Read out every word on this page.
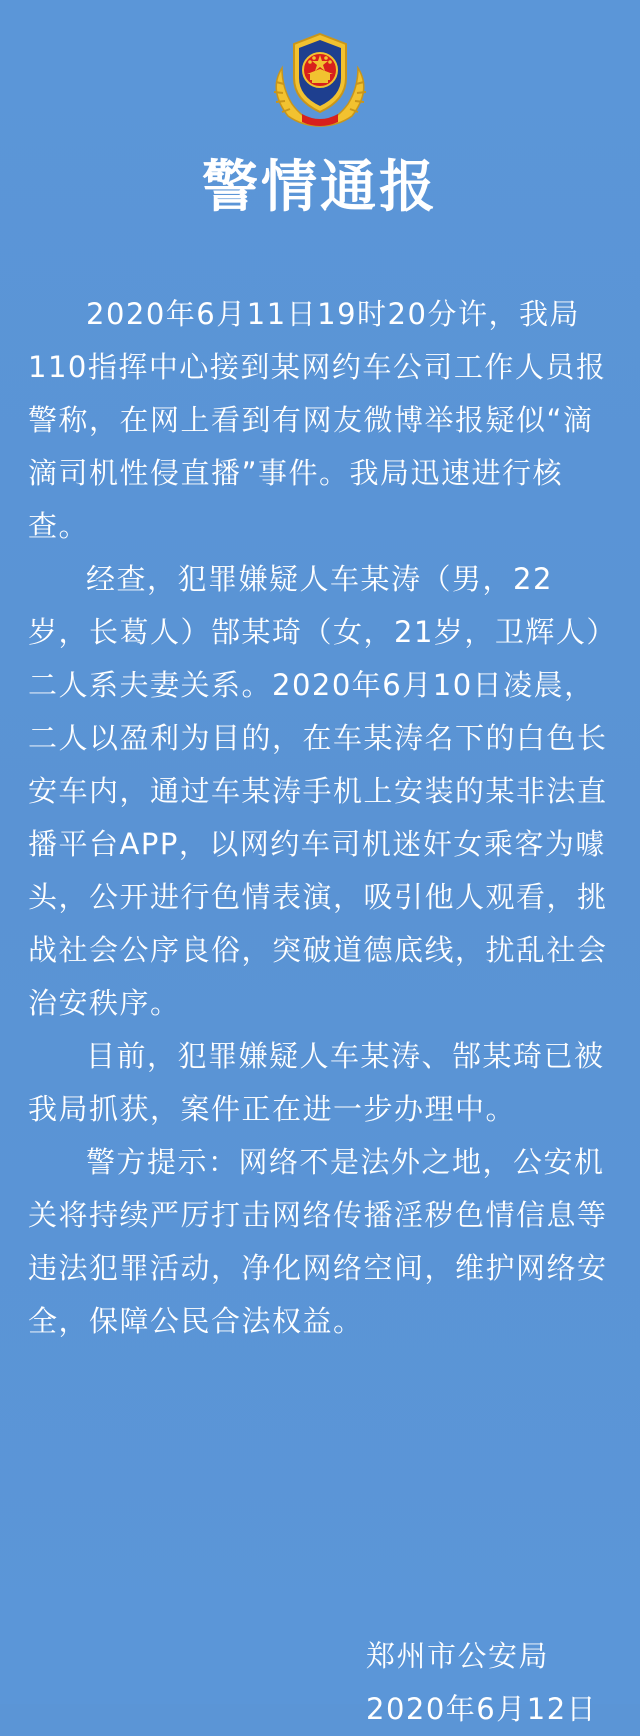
警情通报

2020年6月11日19时20分许，我局110指挥中心接到某网约车公司工作人员报警称，在网上看到有网友微博举报疑似“滴滴司机性侵直播”事件。我局迅速进行核查。

经查，犯罪嫌疑人车某涛（男，22岁，长葛人）郜某琦（女，21岁，卫辉人）二人系夫妻关系。2020年6月10日凌晨，二人以盈利为目的，在车某涛名下的白色长安车内，通过车某涛手机上安装的某非法直播平台APP，以网约车司机迷奸女乘客为噱头，公开进行色情表演，吸引他人观看，挑战社会公序良俗，突破道德底线，扰乱社会治安秩序。

目前，犯罪嫌疑人车某涛、郜某琦已被我局抓获，案件正在进一步办理中。

警方提示：网络不是法外之地，公安机关将持续严厉打击网络传播淫秽色情信息等违法犯罪活动，净化网络空间，维护网络安全，保障公民合法权益。

郑州市公安局
2020年6月12日
